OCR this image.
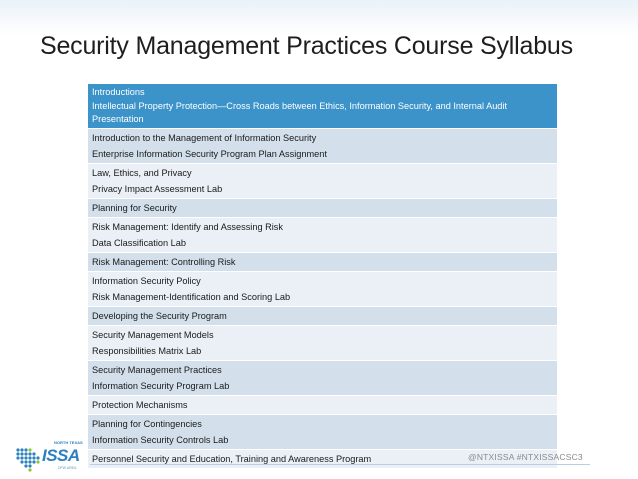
Security Management Practices Course Syllabus
Introductions
Intellectual Property Protection—Cross Roads between Ethics, Information Security, and Internal Audit Presentation
Introduction to the Management of Information Security
Enterprise Information Security Program Plan Assignment
Law, Ethics, and Privacy
Privacy Impact Assessment Lab
Planning for Security
Risk Management: Identify and Assessing Risk
Data Classification Lab
Risk Management: Controlling Risk
Information Security Policy
Risk Management-Identification and Scoring Lab
Developing the Security Program
Security Management Models
Responsibilities Matrix Lab
Security Management Practices
Information Security Program Lab
Protection Mechanisms
Planning for Contingencies
Information Security Controls Lab
Personnel Security and Education, Training and Awareness Program	@NTXISSA #NTXISSACSC3
NORTH TEXAS
ISSA
DFW AREA
